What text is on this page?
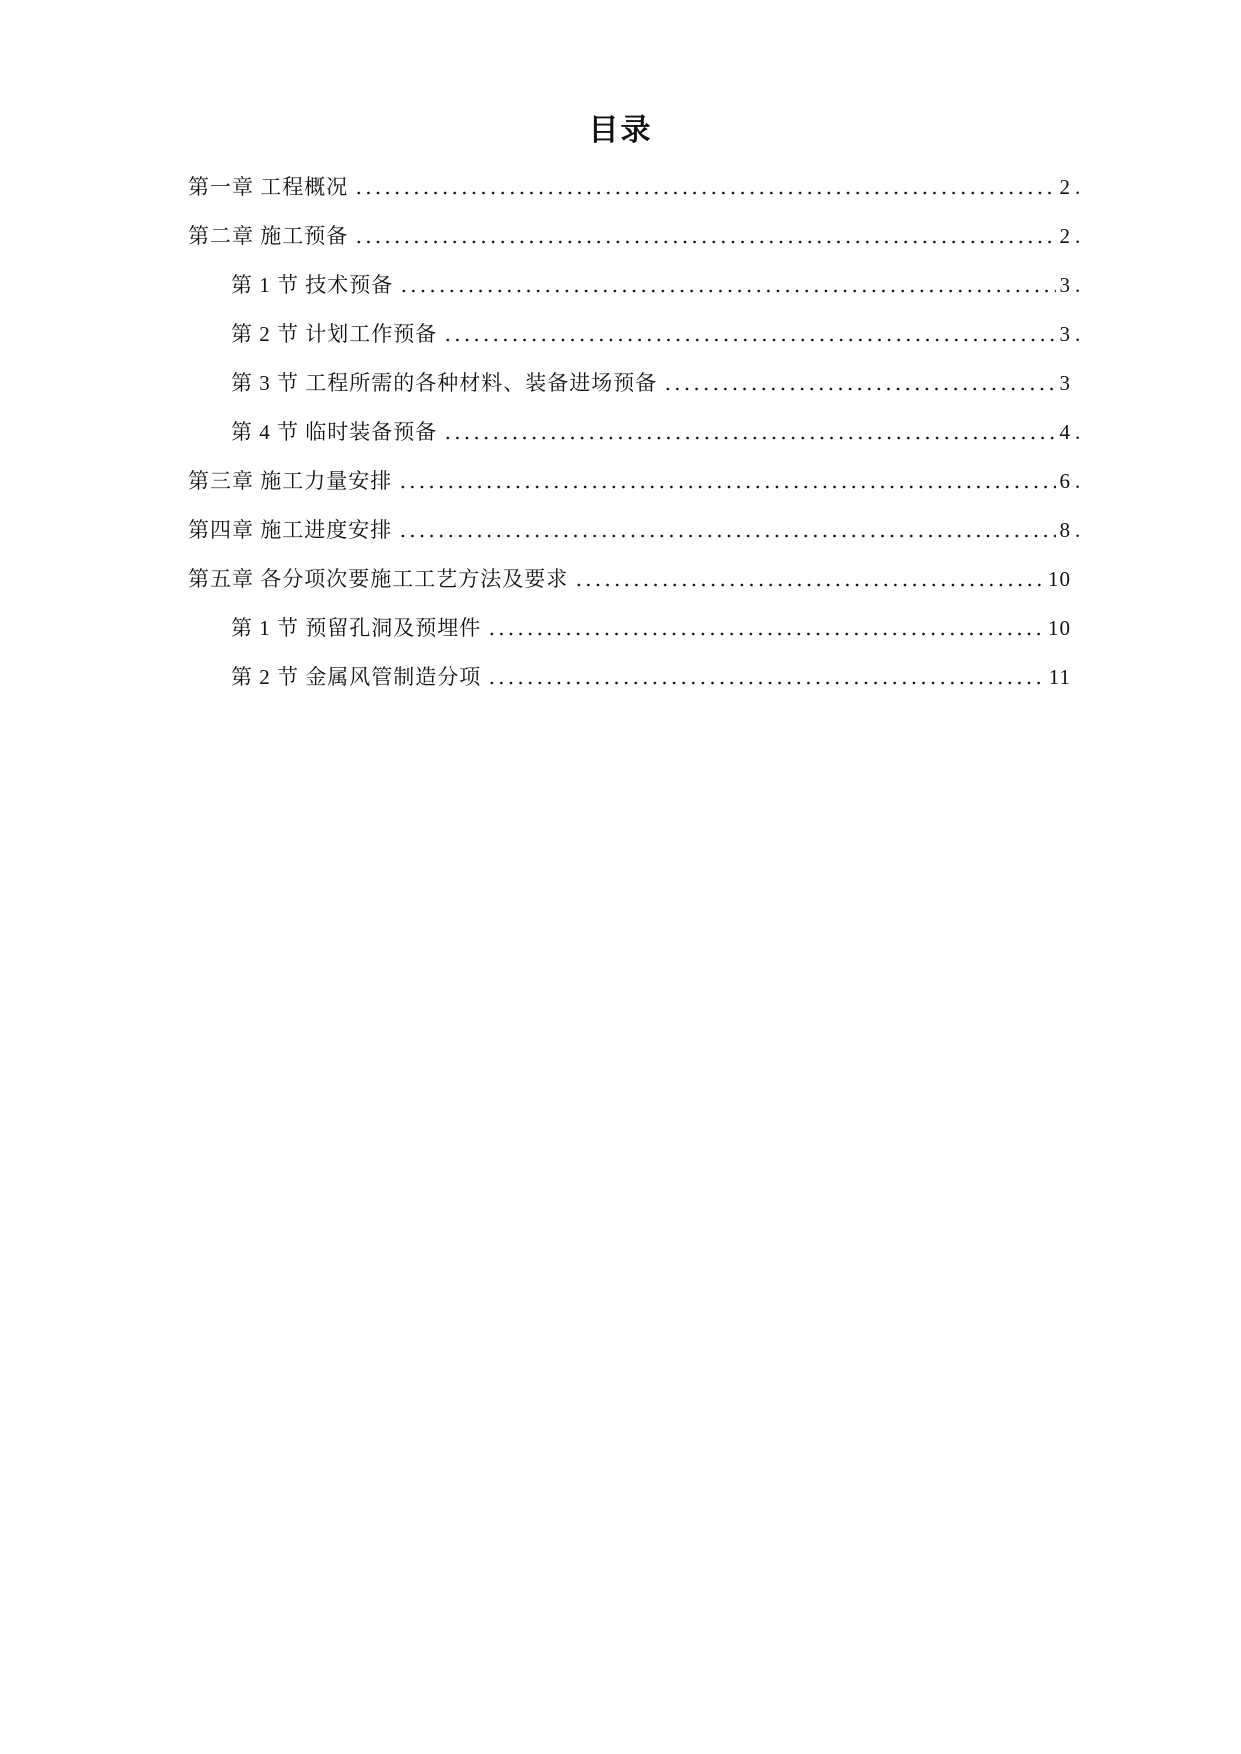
目录
第一章 工程概况	2 .
第二章 施工预备	2 .
第 1 节 技术预备	3 .
第 2 节 计划工作预备	3 .
第 3 节 工程所需的各种材料、装备进场预备	3
第 4 节 临时装备预备	4 .
第三章 施工力量安排	6 .
第四章 施工进度安排	8 .
第五章 各分项次要施工工艺方法及要求	10
第 1 节 预留孔洞及预埋件	10
第 2 节 金属风管制造分项	11
